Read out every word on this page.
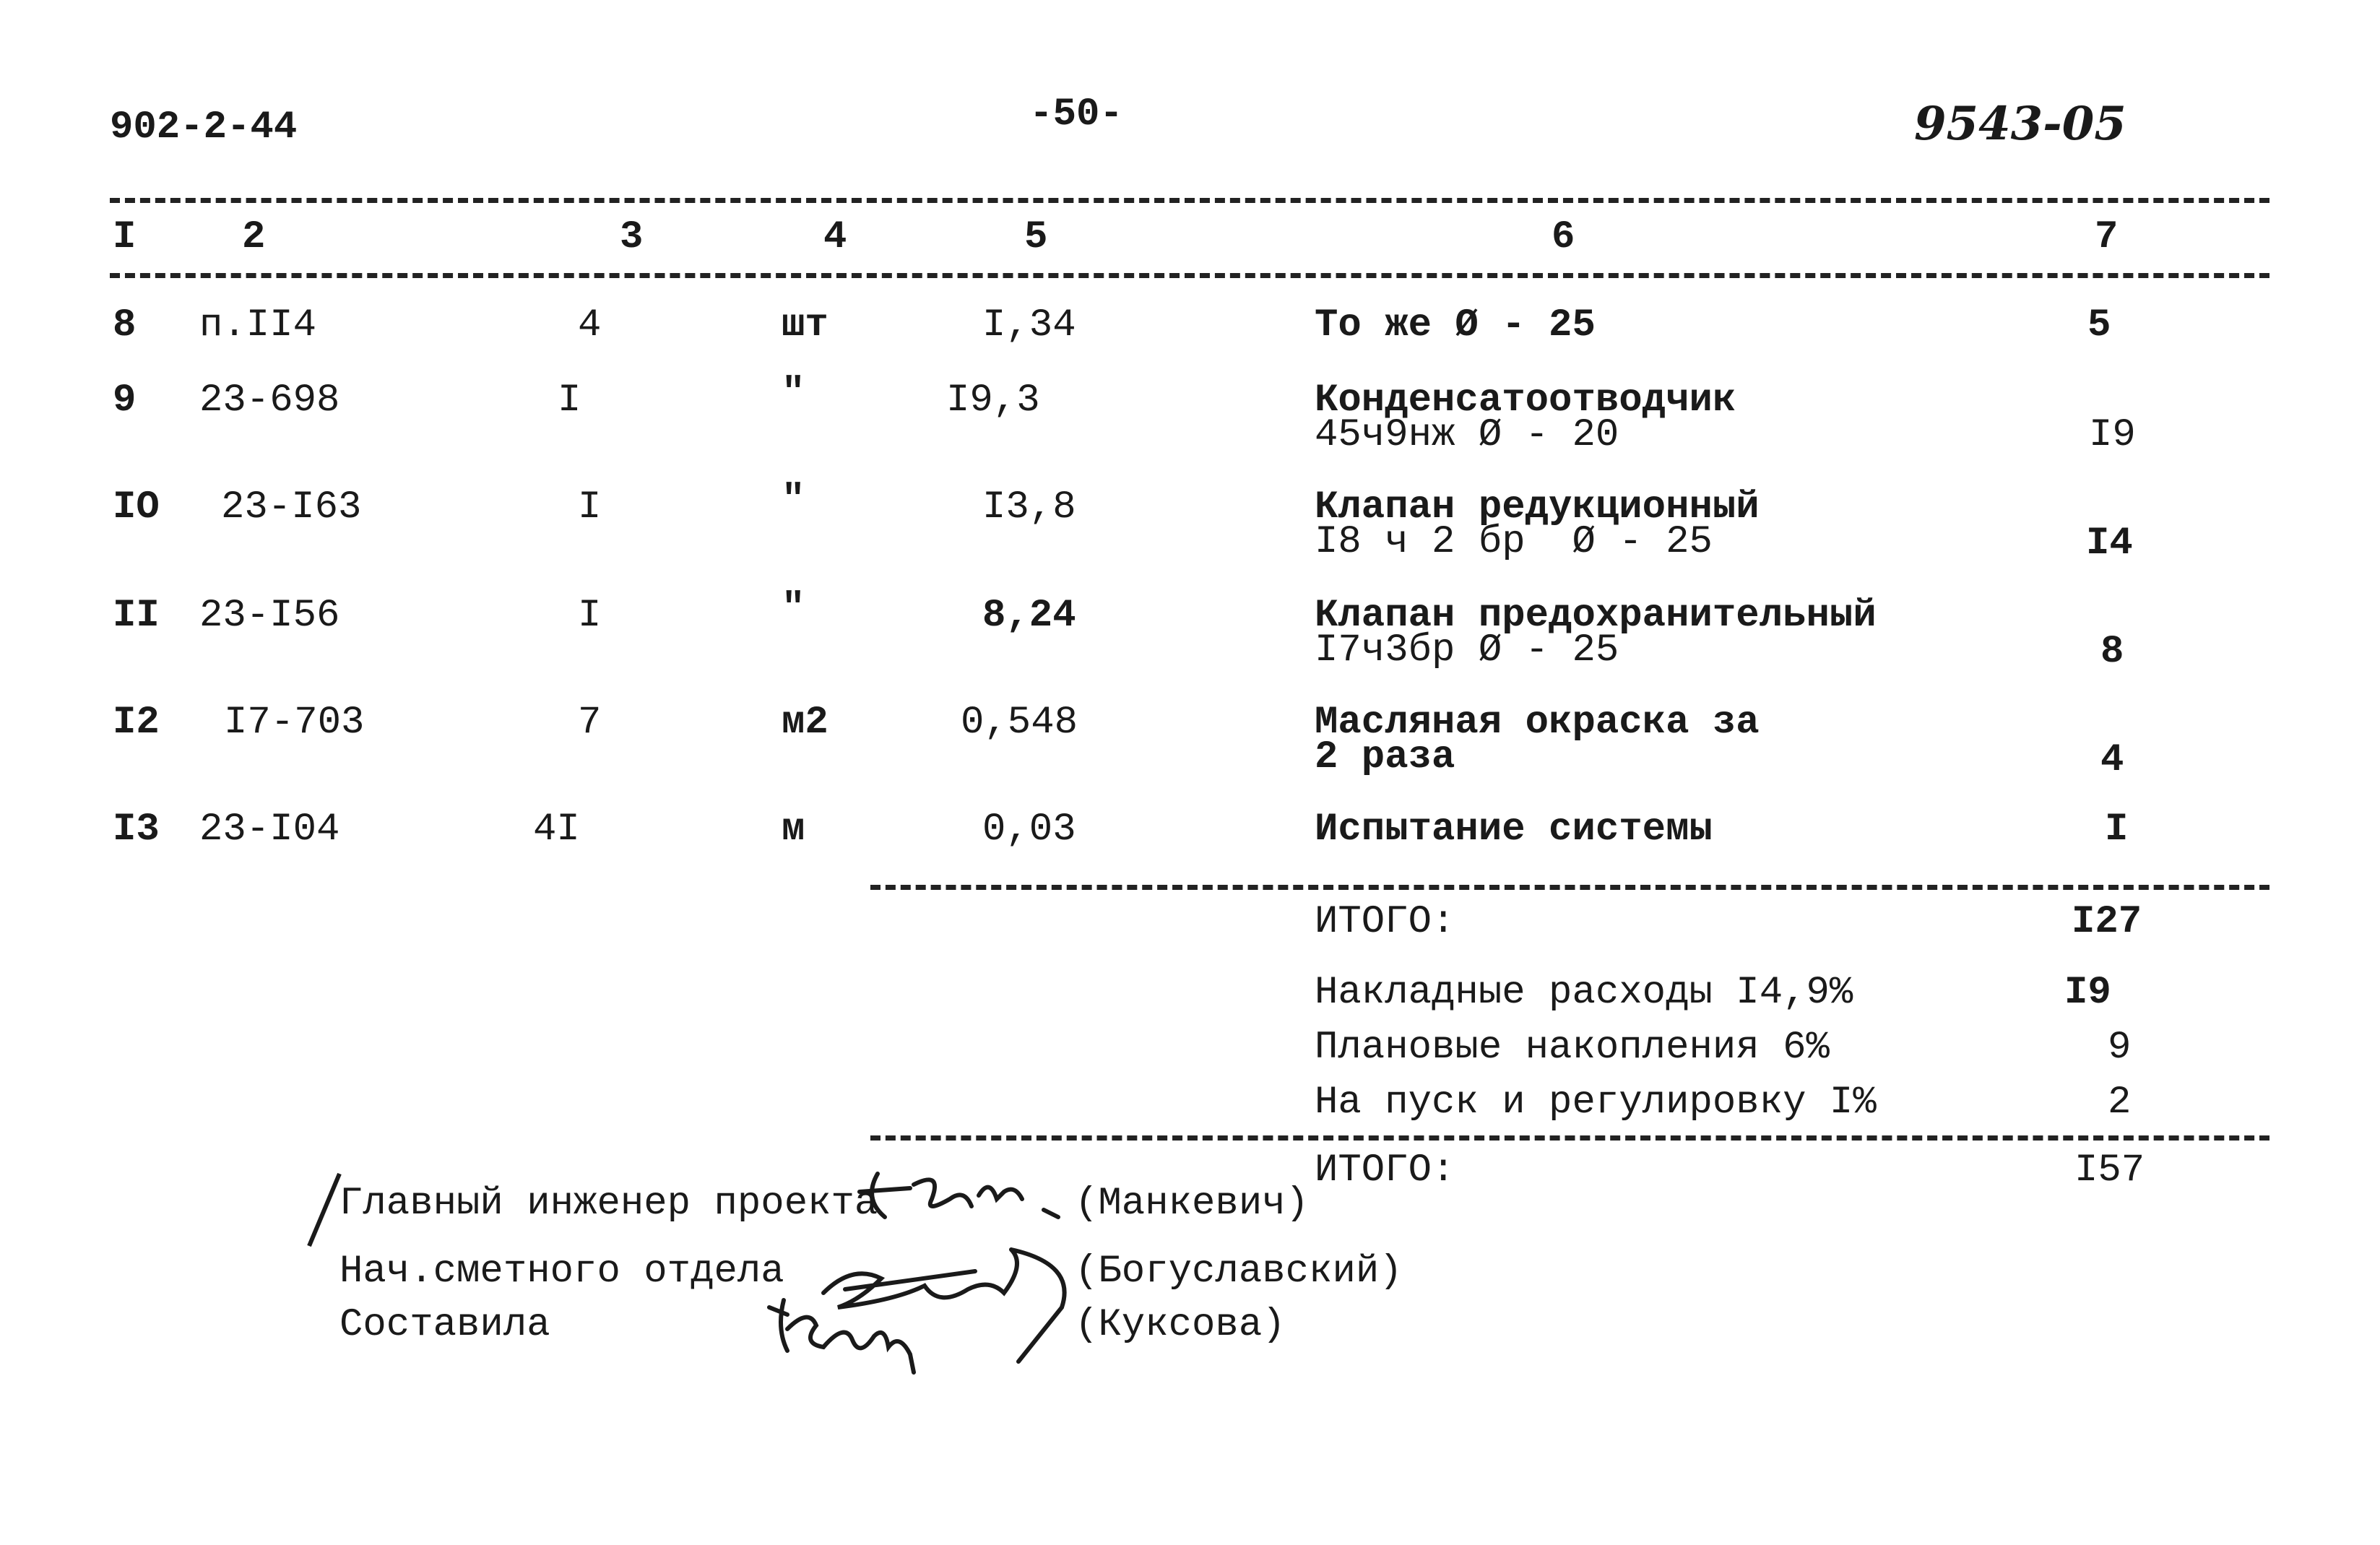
902-2-44	-50-	9543-05
I	2	3	4	5	6	7
8 п.II4	4	шт	I,34	То же Ø - 25	5
9 23-698	I	"	I9,3	Конденсатоотводчик
45ч9нж Ø - 20	I9
IO 23-I63	I	"	I3,8	Клапан редукционный
I8 ч 2 бр  Ø - 25	I4
II 23-I56	I	"	8,24	Клапан предохранительный
I7ч3бр Ø - 25	8
I2 I7-703	7	м2	0,548	Масляная окраска за
2 раза	4
I3 23-I04	4I	м	0,03	Испытание системы	I
ИТОГО:	I27
Накладные расходы I4,9%	I9
Плановые накопления 6%	9
На пуск и регулировку I%	2
ИТОГО:	I57
Главный инженер проекта	(Манкевич)
Нач.сметного отдела	(Богуславский)
Составила	(Куксова)
